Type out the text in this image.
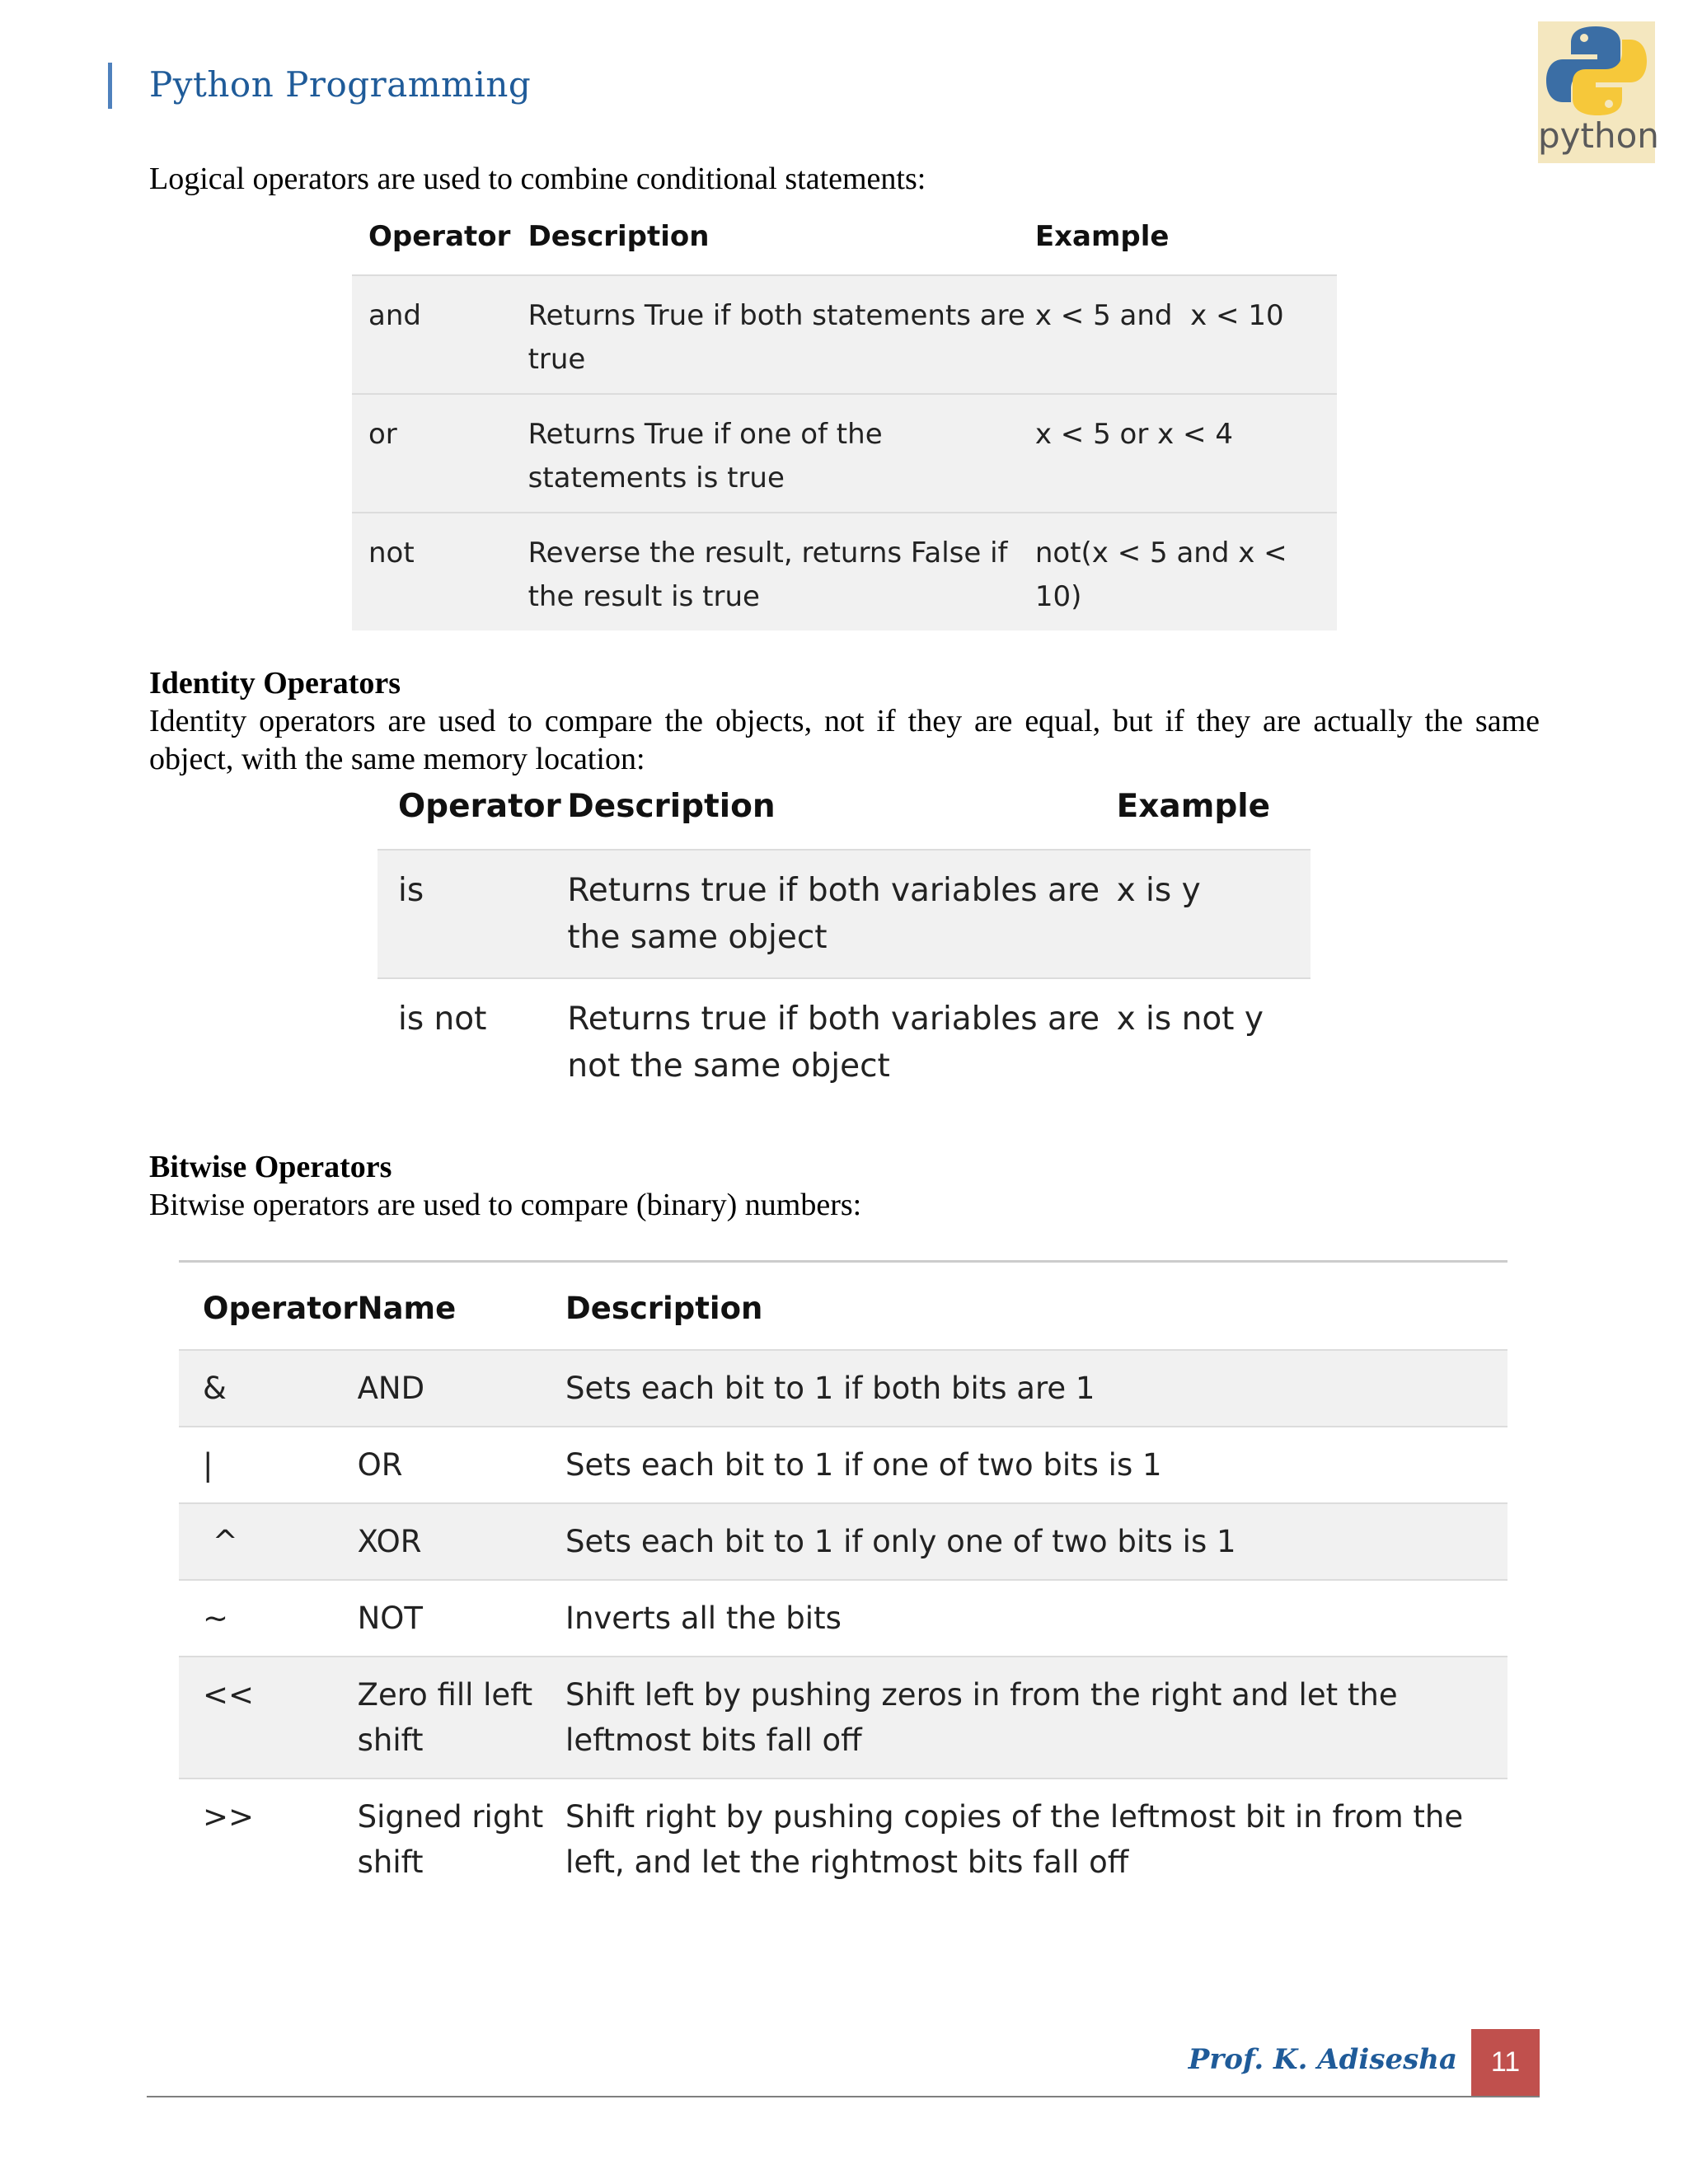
Python Programming
python
Logical operators are used to combine conditional statements:
Operator	Description	Example
and	Returns True if both statements are true	x < 5 and  x < 10
or	Returns True if one of the statements is true	x < 5 or x < 4
not	Reverse the result, returns False if the result is true	not(x < 5 and x < 10)
Identity Operators
Identity operators are used to compare the objects, not if they are equal, but if they are actually the same object, with the same memory location:
Operator	Description	Example
is	Returns true if both variables are the same object	x is y
is not	Returns true if both variables are not the same object	x is not y
Bitwise Operators
Bitwise operators are used to compare (binary) numbers:
Operator	Name	Description
&	AND	Sets each bit to 1 if both bits are 1
|	OR	Sets each bit to 1 if one of two bits is 1
^	XOR	Sets each bit to 1 if only one of two bits is 1
~	NOT	Inverts all the bits
<<	Zero fill left shift	Shift left by pushing zeros in from the right and let the leftmost bits fall off
>>	Signed right shift	Shift right by pushing copies of the leftmost bit in from the left, and let the rightmost bits fall off
Prof. K. Adisesha	11
